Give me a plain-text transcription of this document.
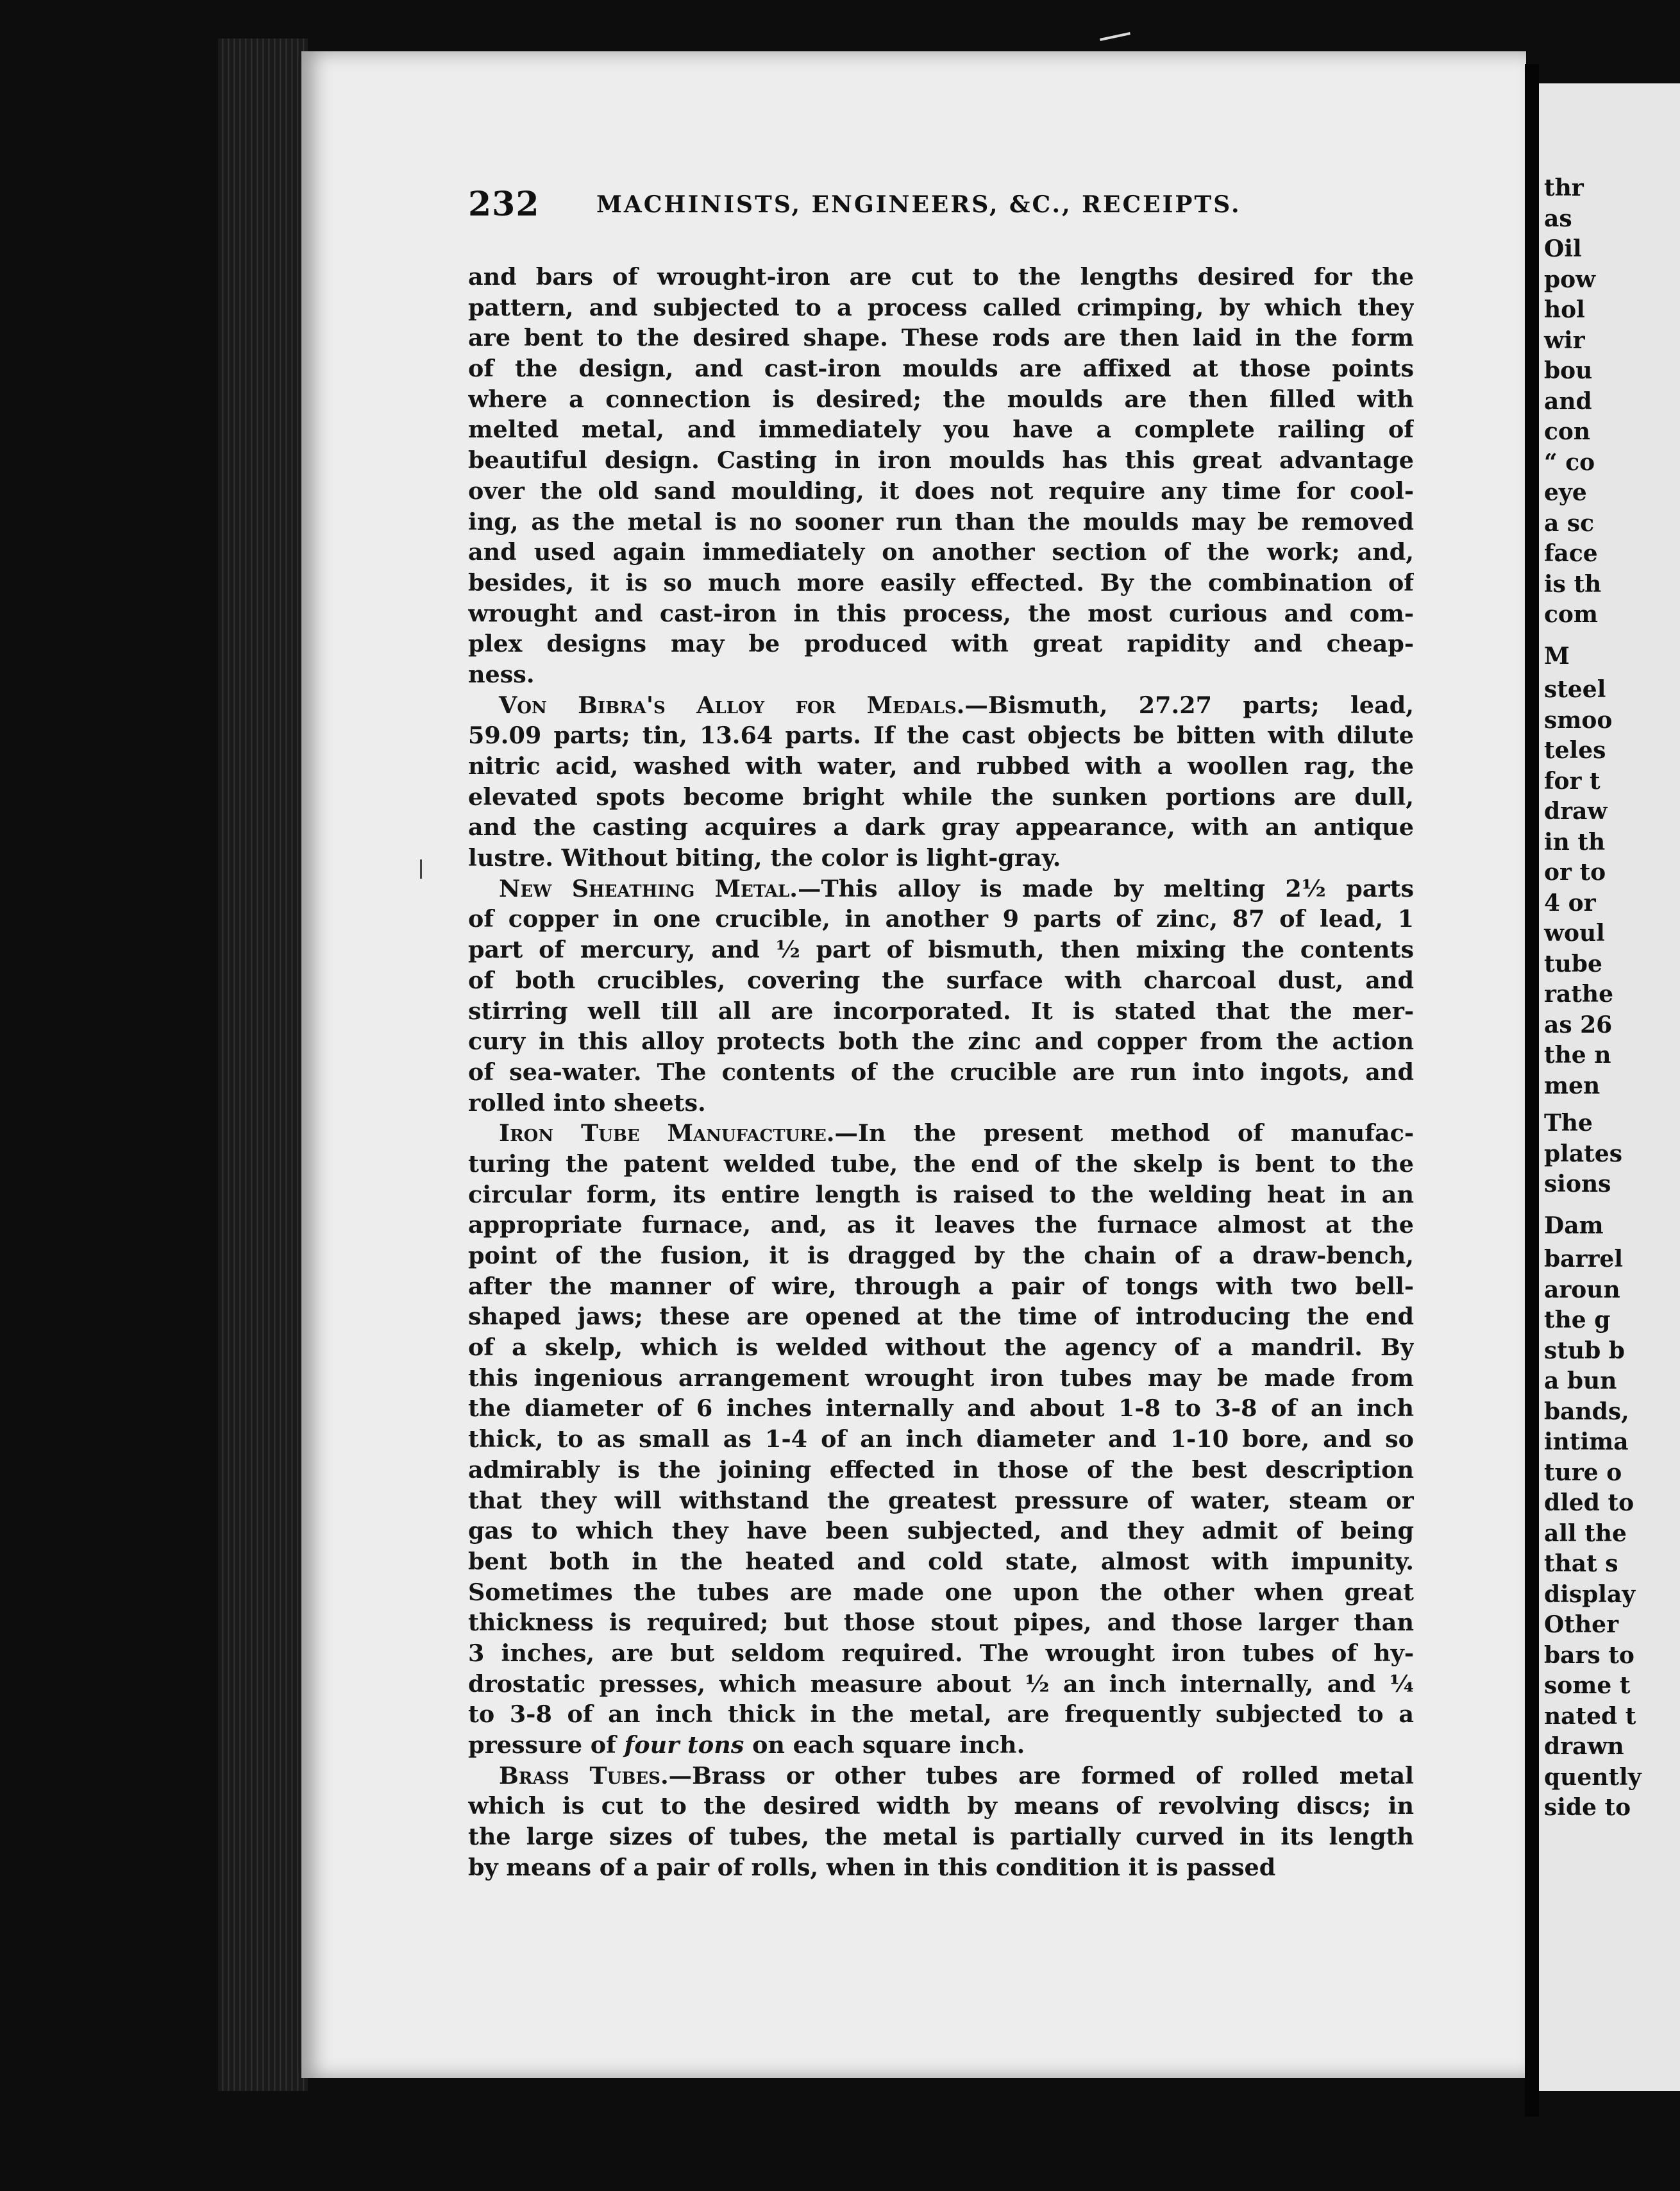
232 MACHINISTS, ENGINEERS, &C., RECEIPTS.
and bars of wrought-iron are cut to the lengths desired for the
pattern, and subjected to a process called crimping, by which they
are bent to the desired shape. These rods are then laid in the form
of the design, and cast-iron moulds are affixed at those points
where a connection is desired; the moulds are then filled with
melted metal, and immediately you have a complete railing of
beautiful design. Casting in iron moulds has this great advantage
over the old sand moulding, it does not require any time for cool-
ing, as the metal is no sooner run than the moulds may be removed
and used again immediately on another section of the work; and,
besides, it is so much more easily effected. By the combination of
wrought and cast-iron in this process, the most curious and com-
plex designs may be produced with great rapidity and cheap-
ness.
Von Bibra's Alloy for Medals.—Bismuth, 27.27 parts; lead,
59.09 parts; tin, 13.64 parts. If the cast objects be bitten with dilute
nitric acid, washed with water, and rubbed with a woollen rag, the
elevated spots become bright while the sunken portions are dull,
and the casting acquires a dark gray appearance, with an antique
lustre. Without biting, the color is light-gray.
New Sheathing Metal.—This alloy is made by melting 2½ parts
of copper in one crucible, in another 9 parts of zinc, 87 of lead, 1
part of mercury, and ½ part of bismuth, then mixing the contents
of both crucibles, covering the surface with charcoal dust, and
stirring well till all are incorporated. It is stated that the mer-
cury in this alloy protects both the zinc and copper from the action
of sea-water. The contents of the crucible are run into ingots, and
rolled into sheets.
Iron Tube Manufacture.—In the present method of manufac-
turing the patent welded tube, the end of the skelp is bent to the
circular form, its entire length is raised to the welding heat in an
appropriate furnace, and, as it leaves the furnace almost at the
point of the fusion, it is dragged by the chain of a draw-bench,
after the manner of wire, through a pair of tongs with two bell-
shaped jaws; these are opened at the time of introducing the end
of a skelp, which is welded without the agency of a mandril. By
this ingenious arrangement wrought iron tubes may be made from
the diameter of 6 inches internally and about 1-8 to 3-8 of an inch
thick, to as small as 1-4 of an inch diameter and 1-10 bore, and so
admirably is the joining effected in those of the best description
that they will withstand the greatest pressure of water, steam or
gas to which they have been subjected, and they admit of being
bent both in the heated and cold state, almost with impunity.
Sometimes the tubes are made one upon the other when great
thickness is required; but those stout pipes, and those larger than
3 inches, are but seldom required. The wrought iron tubes of hy-
drostatic presses, which measure about ½ an inch internally, and ¼
to 3-8 of an inch thick in the metal, are frequently subjected to a
pressure of four tons on each square inch.
Brass Tubes.—Brass or other tubes are formed of rolled metal
which is cut to the desired width by means of revolving discs; in
the large sizes of tubes, the metal is partially curved in its length
by means of a pair of rolls, when in this condition it is passed
thr
as
Oil
pow
hol
wir
bou
and
con
“ co
eye
a sc
face
is th
com
M
steel
smoo
teles
for t
draw
in th
or to
4 or
woul
tube
rathe
as 26
the n
men
The
plates
sions
Dam
barrel
aroun
the g
stub b
a bun
bands,
intima
ture o
dled to
all the
that s
display
Other
bars to
some t
nated t
drawn
quently
side to
